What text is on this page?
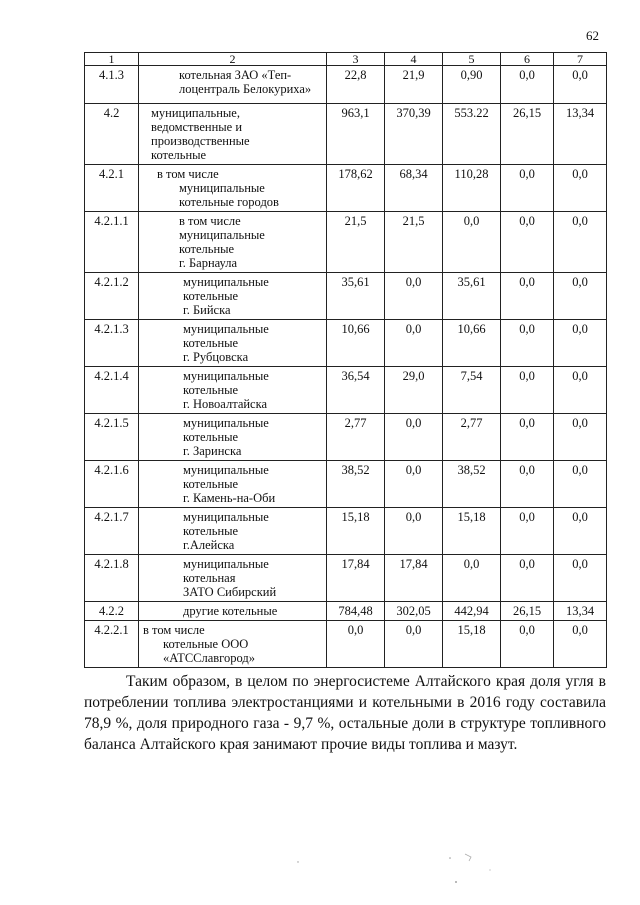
62
1	2	3	4	5	6	7
4.1.3	котельная ЗАО «Теп-
лоцентраль Белокуриха»	22,8	21,9	0,90	0,0	0,0
4.2	муниципальные,
ведомственные и
производственные
котельные	963,1	370,39	553.22	26,15	13,34
4.2.1	в том числе
муниципальные
котельные городов	178,62	68,34	110,28	0,0	0,0
4.2.1.1	в том числе
муниципальные
котельные
г. Барнаула	21,5	21,5	0,0	0,0	0,0
4.2.1.2	муниципальные
котельные
г. Бийска	35,61	0,0	35,61	0,0	0,0
4.2.1.3	муниципальные
котельные
г. Рубцовска	10,66	0,0	10,66	0,0	0,0
4.2.1.4	муниципальные
котельные
г. Новоалтайска	36,54	29,0	7,54	0,0	0,0
4.2.1.5	муниципальные
котельные
г. Заринска	2,77	0,0	2,77	0,0	0,0
4.2.1.6	муниципальные
котельные
г. Камень-на-Оби	38,52	0,0	38,52	0,0	0,0
4.2.1.7	муниципальные
котельные
г.Алейска	15,18	0,0	15,18	0,0	0,0
4.2.1.8	муниципальные
котельная
ЗАТО Сибирский	17,84	17,84	0,0	0,0	0,0
4.2.2	другие котельные	784,48	302,05	442,94	26,15	13,34
4.2.2.1	в том числе
котельные ООО
«АТССлавгород»	0,0	0,0	15,18	0,0	0,0
Таким образом, в целом по энергосистеме Алтайского края доля угля в потреблении топлива электростанциями и котельными в 2016 году составила 78,9 %, доля природного газа - 9,7 %, остальные доли в структуре топливного баланса Алтайского края занимают прочие виды топлива и мазут.
